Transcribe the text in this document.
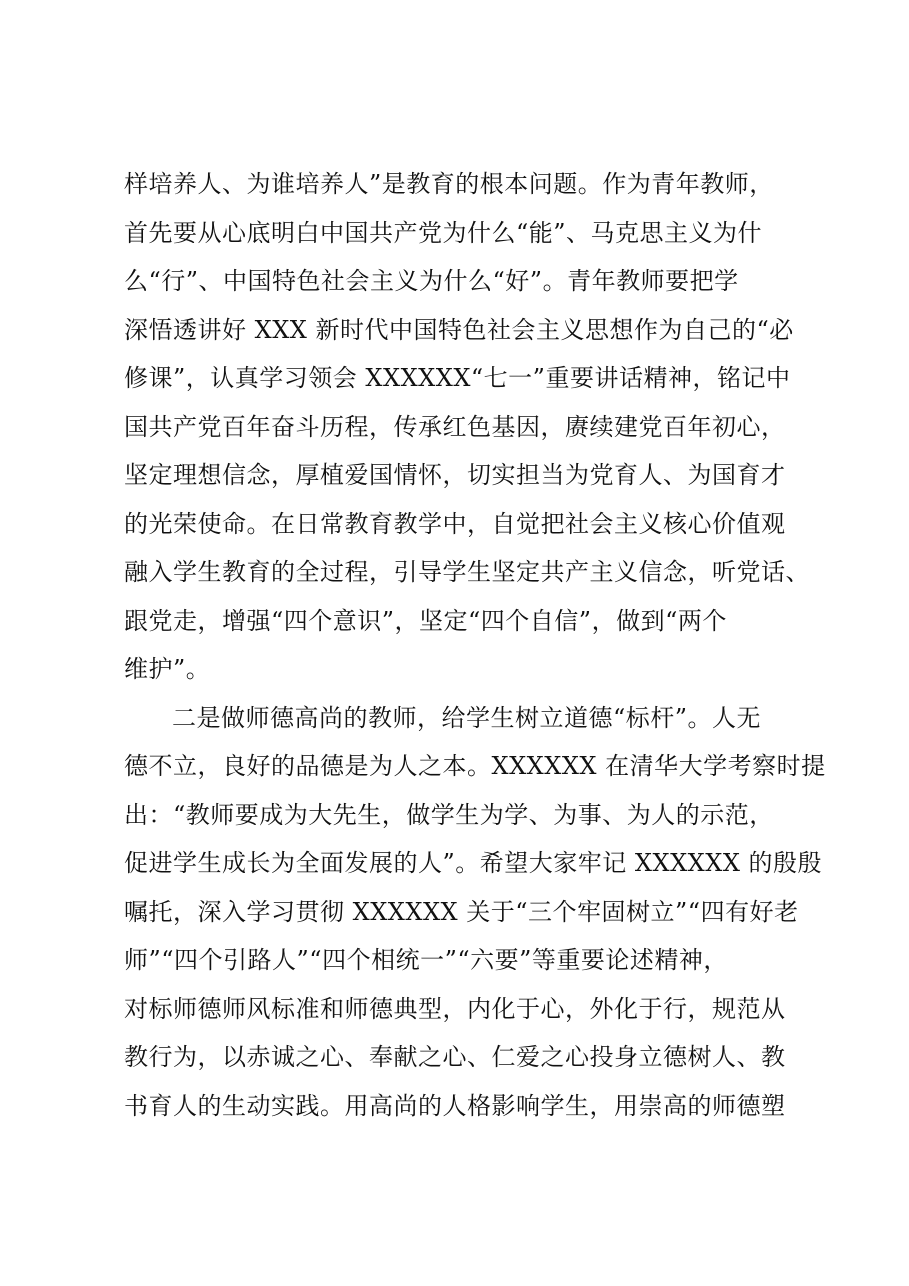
样培养人、为谁培养人”是教育的根本问题。作为青年教师，
首先要从心底明白中国共产党为什么“能”、马克思主义为什
么“行”、中国特色社会主义为什么“好”。青年教师要把学
深悟透讲好 XXX 新时代中国特色社会主义思想作为自己的“必
修课”，认真学习领会 XXXXXX“七一”重要讲话精神，铭记中
国共产党百年奋斗历程，传承红色基因，赓续建党百年初心，
坚定理想信念，厚植爱国情怀，切实担当为党育人、为国育才
的光荣使命。在日常教育教学中，自觉把社会主义核心价值观
融入学生教育的全过程，引导学生坚定共产主义信念，听党话、
跟党走，增强“四个意识”，坚定“四个自信”，做到“两个
维护”。
二是做师德高尚的教师，给学生树立道德“标杆”。人无
德不立，良好的品德是为人之本。XXXXXX 在清华大学考察时提
出：“教师要成为大先生，做学生为学、为事、为人的示范，
促进学生成长为全面发展的人”。希望大家牢记 XXXXXX 的殷殷
嘱托，深入学习贯彻 XXXXXX 关于“三个牢固树立”“四有好老
师”“四个引路人”“四个相统一”“六要”等重要论述精神，
对标师德师风标准和师德典型，内化于心，外化于行，规范从
教行为，以赤诚之心、奉献之心、仁爱之心投身立德树人、教
书育人的生动实践。用高尚的人格影响学生，用崇高的师德塑
